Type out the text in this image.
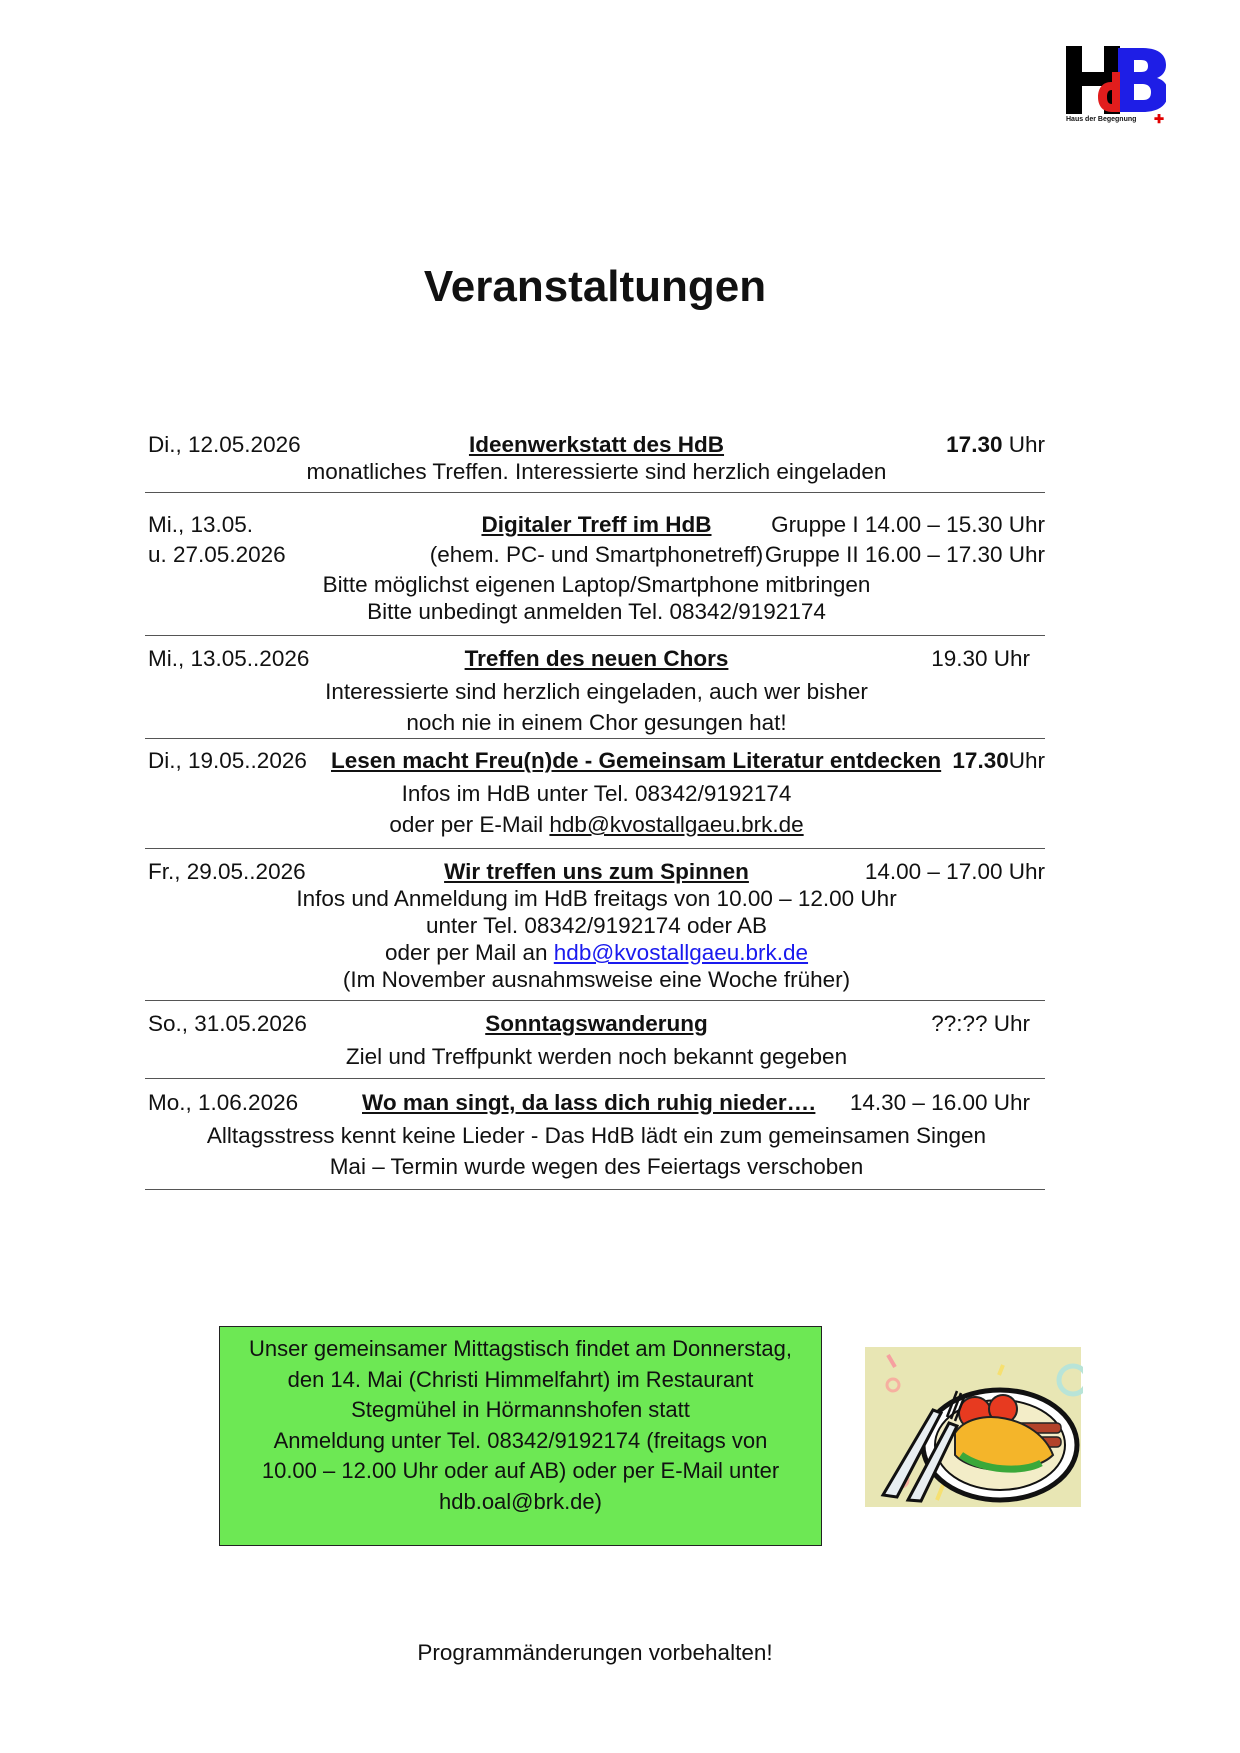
Haus der Begegnung ✚
Veranstaltungen
Di., 12.05.2026	Ideenwerkstatt des HdB	17.30 Uhr
monatliches Treffen. Interessierte sind herzlich eingeladen
Mi., 13.05.	Digitaler Treff im HdB	Gruppe I 14.00 – 15.30 Uhr
u. 27.05.2026	(ehem. PC- und Smartphonetreff) Gruppe II 16.00 – 17.30 Uhr
Bitte möglichst eigenen Laptop/Smartphone mitbringen
Bitte unbedingt anmelden Tel. 08342/9192174
Mi., 13.05..2026	Treffen des neuen Chors	19.30 Uhr
Interessierte sind herzlich eingeladen, auch wer bisher
noch nie in einem Chor gesungen hat!
Di., 19.05..2026 Lesen macht Freu(n)de - Gemeinsam Literatur entdecken 17.30Uhr
Infos im HdB unter Tel. 08342/9192174
oder per E-Mail hdb@kvostallgaeu.brk.de
Fr., 29.05..2026	Wir treffen uns zum Spinnen	14.00 – 17.00 Uhr
Infos und Anmeldung im HdB freitags von 10.00 – 12.00 Uhr
unter Tel. 08342/9192174 oder AB
oder per Mail an hdb@kvostallgaeu.brk.de
(Im November ausnahmsweise eine Woche früher)
So., 31.05.2026	Sonntagswanderung	??:?? Uhr
Ziel und Treffpunkt werden noch bekannt gegeben
Mo., 1.06.2026	Wo man singt, da lass dich ruhig nieder…. 14.30 – 16.00 Uhr
Alltagsstress kennt keine Lieder - Das HdB lädt ein zum gemeinsamen Singen
Mai – Termin wurde wegen des Feiertags verschoben
Unser gemeinsamer Mittagstisch findet am Donnerstag,
den 14. Mai (Christi Himmelfahrt) im Restaurant
Stegmühel in Hörmannshofen statt
Anmeldung unter Tel. 08342/9192174 (freitags von
10.00 – 12.00 Uhr oder auf AB) oder per E-Mail unter
hdb.oal@brk.de)
Programmänderungen vorbehalten!
